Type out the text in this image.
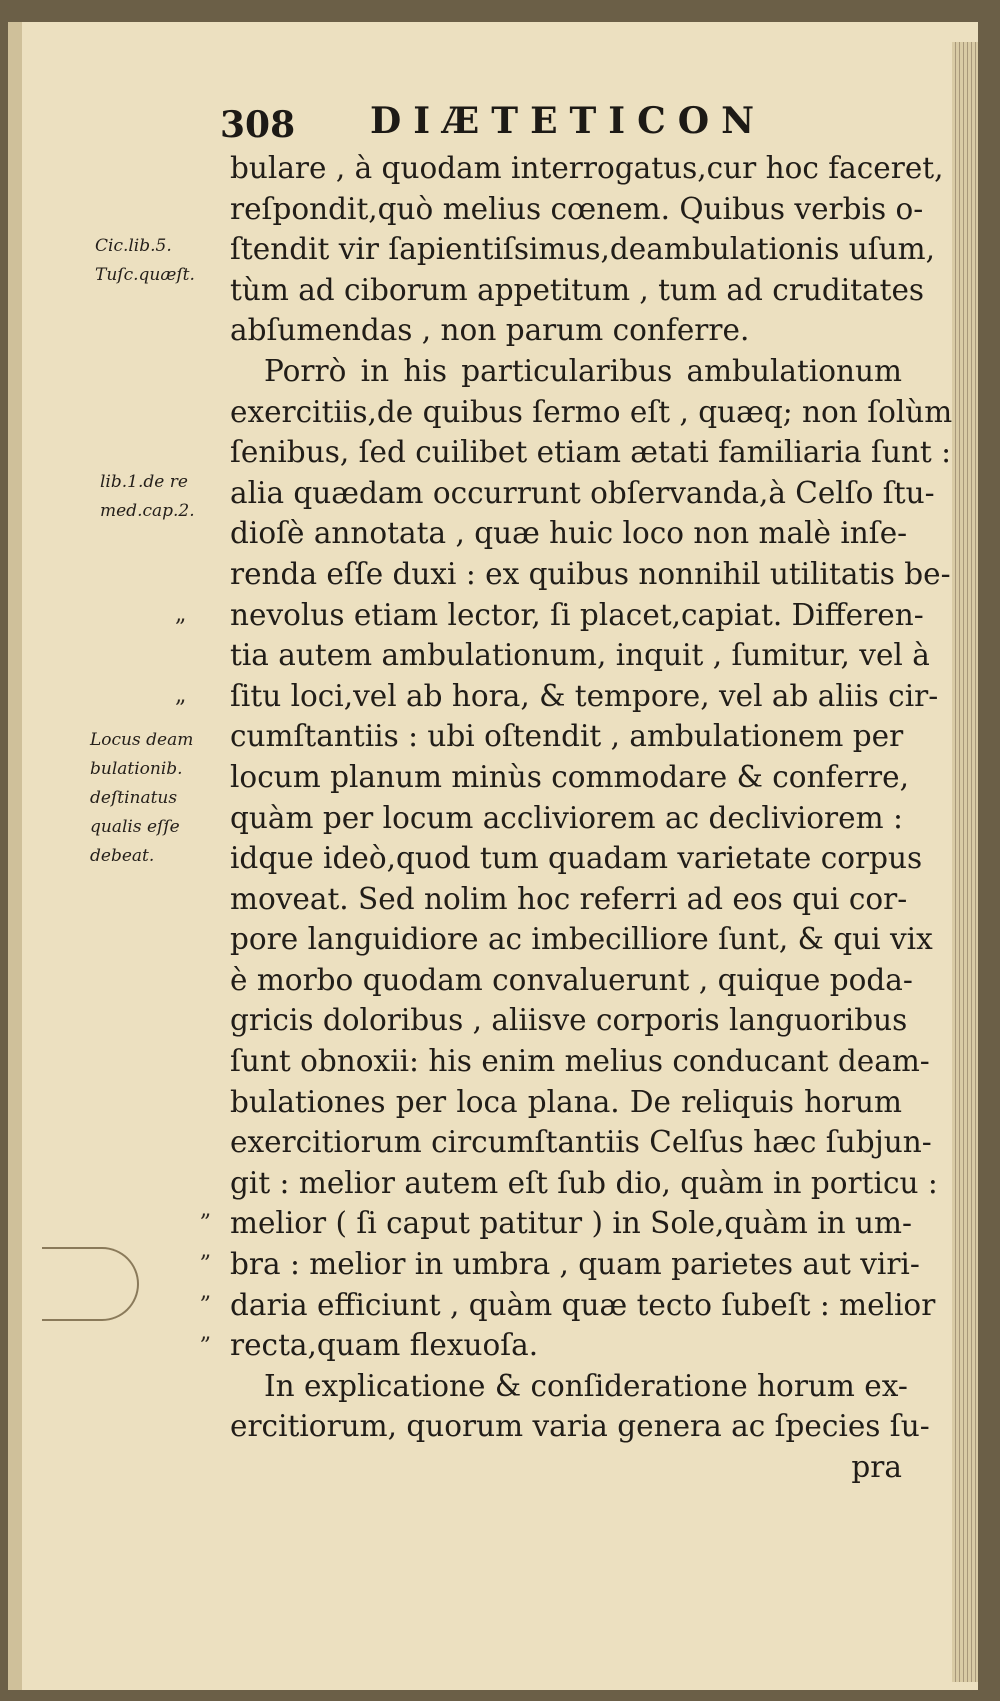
308 DIÆTETICON
Cic.lib.5.
Tuſc.quæſt.
lib.1.de re
med.cap.2.
Locus deam
bulationib.
deſtinatus
qualis eſſe
debeat.
„
„
„
„
„
„
bulare , à quodam interrogatus,cur hoc faceret,
reſpondit,quò melius cœnem. Quibus verbis o-
ſtendit vir ſapientiſsimus,deambulationis uſum,
tùm ad ciborum appetitum , tum ad cruditates
abſumendas , non parum conferre.
Porrò in his particularibus ambulationum
exercitiis,de quibus ſermo eſt , quæq; non ſolùm
ſenibus, ſed cuilibet etiam ætati familiaria ſunt :
alia quædam occurrunt obſervanda,à Celſo ſtu-
dioſè annotata , quæ huic loco non malè inſe-
renda eſſe duxi : ex quibus nonnihil utilitatis be-
nevolus etiam lector, ſi placet,capiat. Differen-
tia autem ambulationum, inquit , ſumitur, vel à
ſitu loci,vel ab hora, & tempore, vel ab aliis cir-
cumſtantiis : ubi oſtendit , ambulationem per
locum planum minùs commodare & conferre,
quàm per locum accliviorem ac decliviorem :
idque ideò,quod tum quadam varietate corpus
moveat. Sed nolim hoc referri ad eos qui cor-
pore languidiore ac imbecilliore ſunt, & qui vix
è morbo quodam convaluerunt , quique poda-
gricis doloribus , aliisve corporis languoribus
ſunt obnoxii: his enim melius conducant deam-
bulationes per loca plana. De reliquis horum
exercitiorum circumſtantiis Celſus hæc ſubjun-
git : melior autem eſt ſub dio, quàm in porticu :
melior ( ſi caput patitur ) in Sole,quàm in um-
bra : melior in umbra , quam parietes aut viri-
daria efficiunt , quàm quæ tecto ſubeſt : melior
recta,quam flexuoſa.
In explicatione & conſideratione horum ex-
ercitiorum, quorum varia genera ac ſpecies ſu-
pra
